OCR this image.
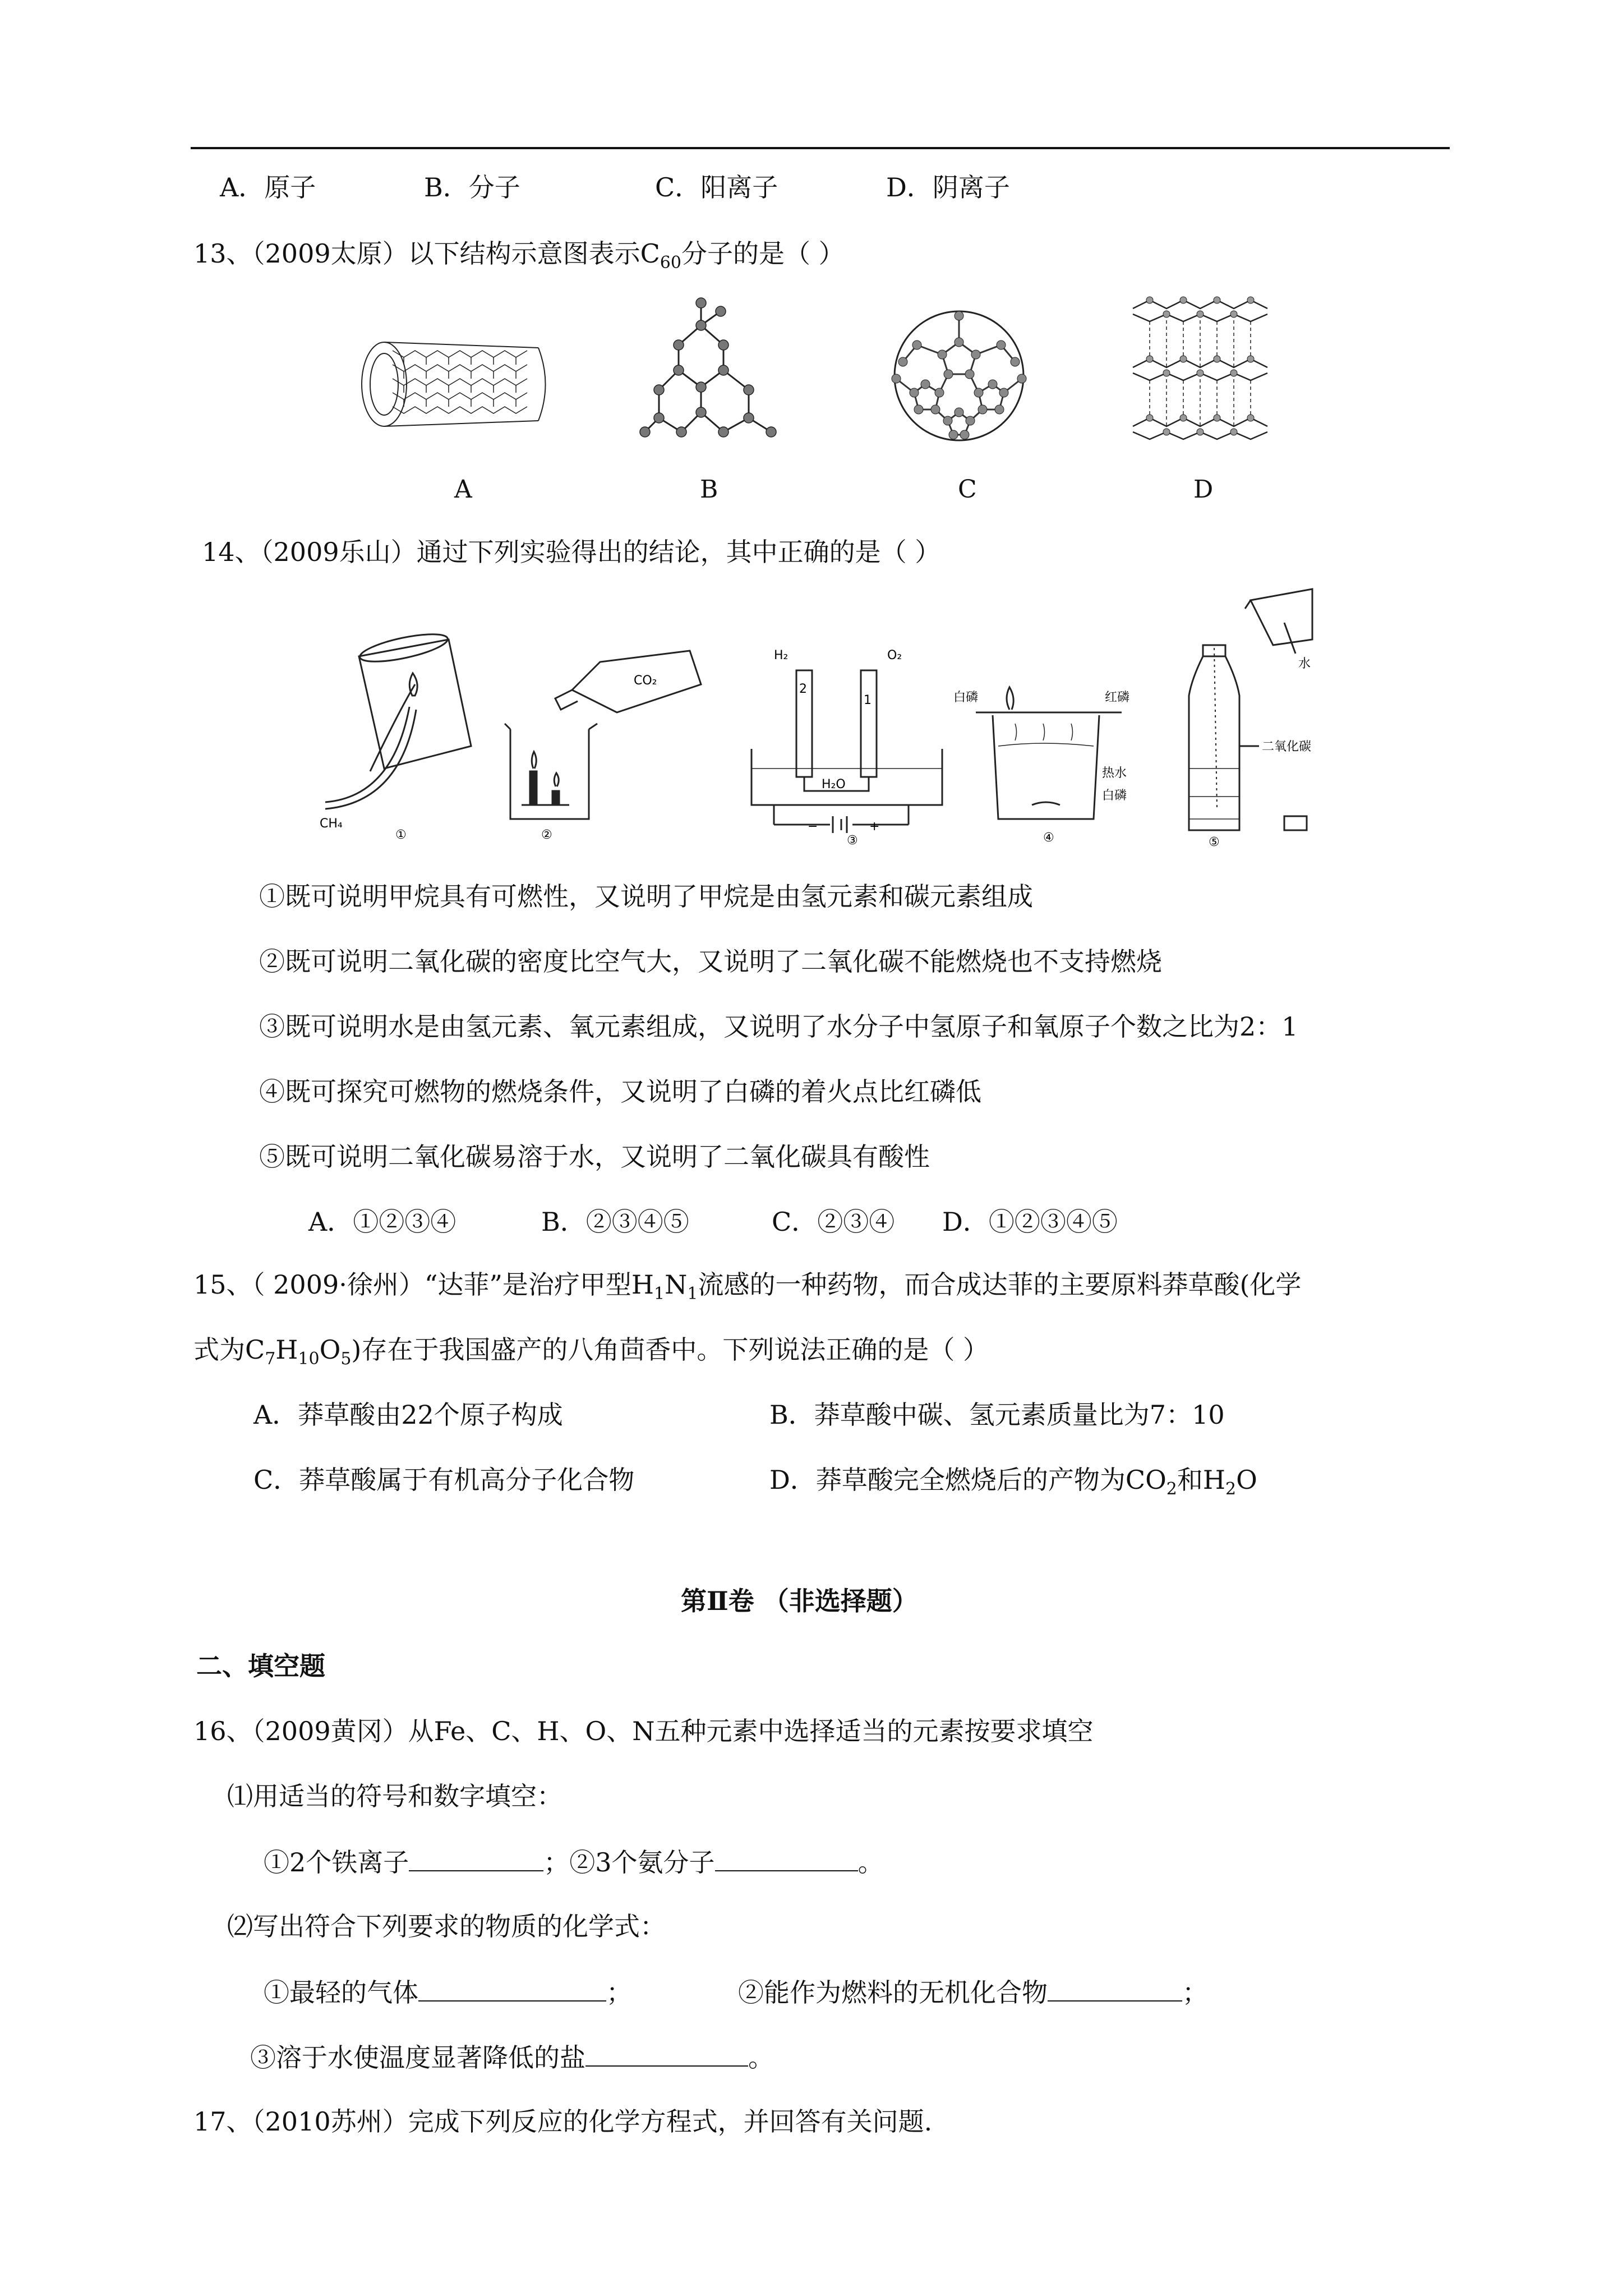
A．原子	B．分子	C．阳离子	D．阴离子
13、（2009太原）以下结构示意图表示$C_{60}$分子的是（ ）
A	B	C	D
14、（2009乐山）通过下列实验得出的结论，其中正确的是（ ）
CH₄
①
CO₂
②
H₂	O₂
2
1
H₂O
−	+
③
白磷	红磷
热水
白磷
④
水
二氧化碳
⑤
①既可说明甲烷具有可燃性，又说明了甲烷是由氢元素和碳元素组成
②既可说明二氧化碳的密度比空气大，又说明了二氧化碳不能燃烧也不支持燃烧
③既可说明水是由氢元素、氧元素组成，又说明了水分子中氢原子和氧原子个数之比为2：1
④既可探究可燃物的燃烧条件，又说明了白磷的着火点比红磷低
⑤既可说明二氧化碳易溶于水，又说明了二氧化碳具有酸性
A．①②③④	B．②③④⑤	C．②③④ D．①②③④⑤
15、（ 2009·徐州）“达菲”是治疗甲型$H_1N_1$流感的一种药物，而合成达菲的主要原料莽草酸(化学
式为$C_7H_{10}O_5$)存在于我国盛产的八角茴香中。下列说法正确的是（ ）
A．莽草酸由22个原子构成	B．莽草酸中碳、氢元素质量比为7：10
C．莽草酸属于有机高分子化合物	D．莽草酸完全燃烧后的产物为$CO_2$和$H_2O$
第Ⅱ卷 （非选择题）
二、填空题
16、（2009黄冈）从Fe、C、H、O、N五种元素中选择适当的元素按要求填空
⑴用适当的符号和数字填空：
①2个铁离子	；②3个氨分子	。
⑵写出符合下列要求的物质的化学式：
①最轻的气体	；	②能作为燃料的无机化合物	；
③溶于水使温度显著降低的盐	。
17、（2010苏州）完成下列反应的化学方程式，并回答有关问题.
